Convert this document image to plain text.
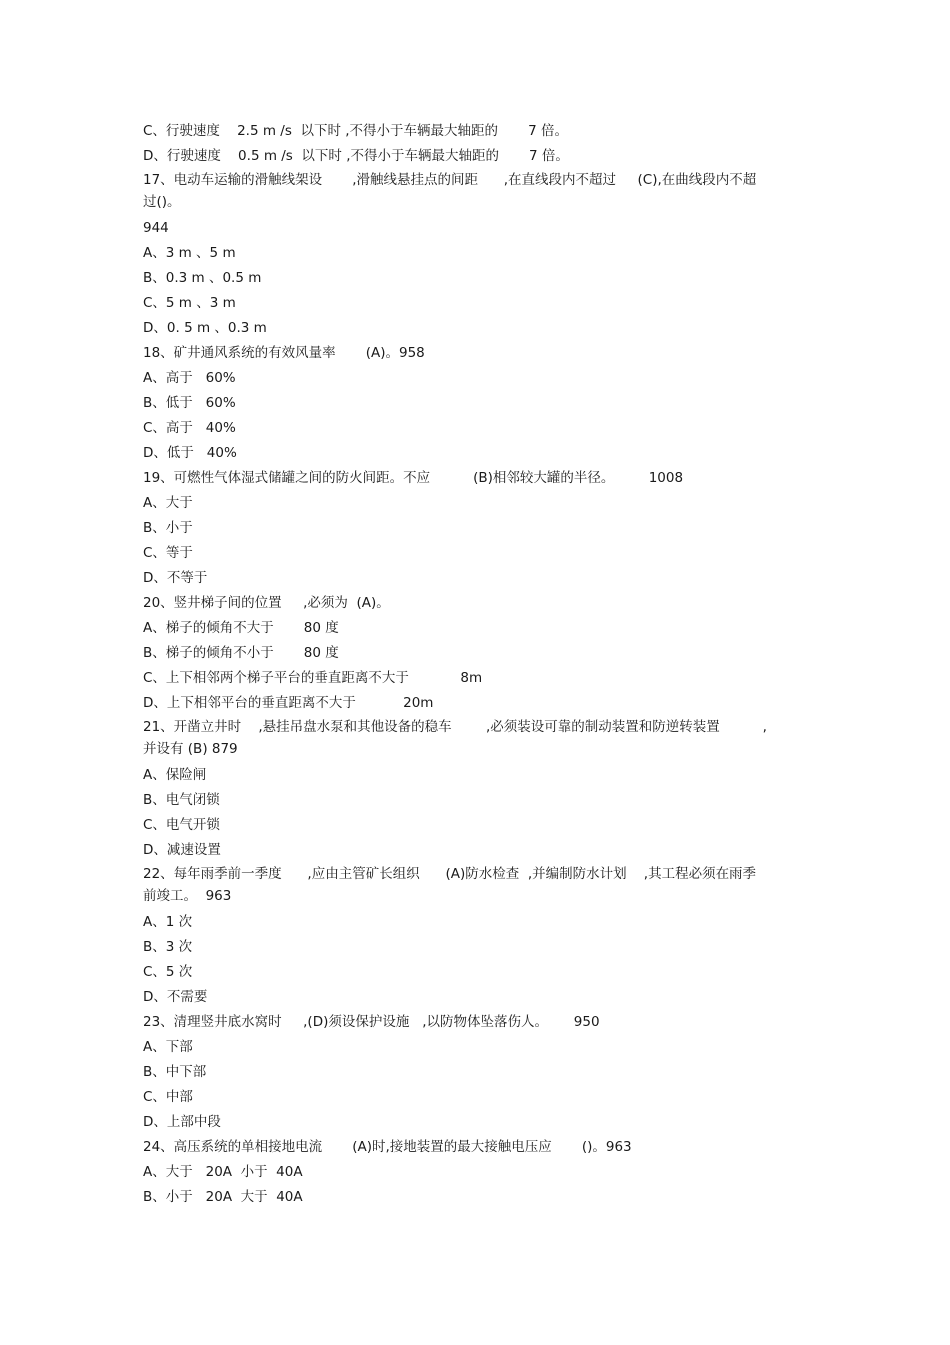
C、行驶速度    2.5 m /s  以下时 ,不得小于车辆最大轴距的       7 倍。
D、行驶速度    0.5 m /s  以下时 ,不得小于车辆最大轴距的       7 倍。
17、电动车运输的滑触线架设       ,滑触线悬挂点的间距      ,在直线段内不超过     (C),在曲线段内不超
过()。
944
A、3 m 、5 m
B、0.3 m 、0.5 m
C、5 m 、3 m
D、0. 5 m 、0.3 m
18、矿井通风系统的有效风量率       (A)。958
A、高于   60%
B、低于   60%
C、高于   40%
D、低于   40%
19、可燃性气体湿式储罐之间的防火间距。不应          (B)相邻较大罐的半径。        1008
A、大于
B、小于
C、等于
D、不等于
20、竖井梯子间的位置     ,必须为  (A)。
A、梯子的倾角不大于       80 度
B、梯子的倾角不小于       80 度
C、上下相邻两个梯子平台的垂直距离不大于            8m
D、上下相邻平台的垂直距离不大于           20m
21、开凿立井时    ,悬挂吊盘水泵和其他设备的稳车        ,必须装设可靠的制动装置和防逆转装置          ,
并设有 (B) 879
A、保险闸
B、电气闭锁
C、电气开锁
D、减速设置
22、每年雨季前一季度      ,应由主管矿长组织      (A)防水检查  ,并编制防水计划    ,其工程必须在雨季
前竣工。  963
A、1 次
B、3 次
C、5 次
D、不需要
23、清理竖井底水窝时     ,(D)须设保护设施   ,以防物体坠落伤人。      950
A、下部
B、中下部
C、中部
D、上部中段
24、高压系统的单相接地电流       (A)时,接地装置的最大接触电压应       ()。963
A、大于   20A  小于  40A
B、小于   20A  大于  40A
